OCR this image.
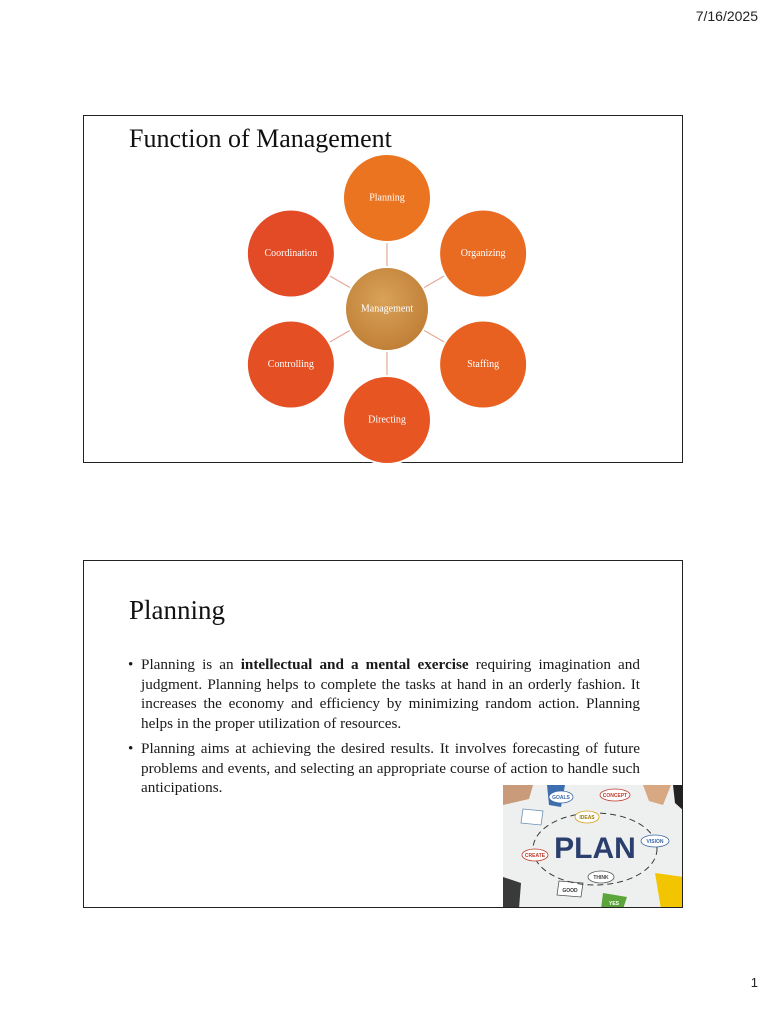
7/16/2025
Function of Management
Management
Planning
Organizing
Staffing
Directing
Controlling
Coordination
Planning
• Planning is an intellectual and a mental exercise requiring imagination and judgment. Planning helps to complete the tasks at hand in an orderly fashion. It increases the economy and efficiency by minimizing random action. Planning helps in the proper utilization of resources.
• Planning aims at achieving the desired results. It involves forecasting of future problems and events, and selecting an appropriate course of action to handle such anticipations.
PLAN
GOALS	CONCEPT
IDEAS
VISION
CREATE
THINK
GOOD
YES
1
